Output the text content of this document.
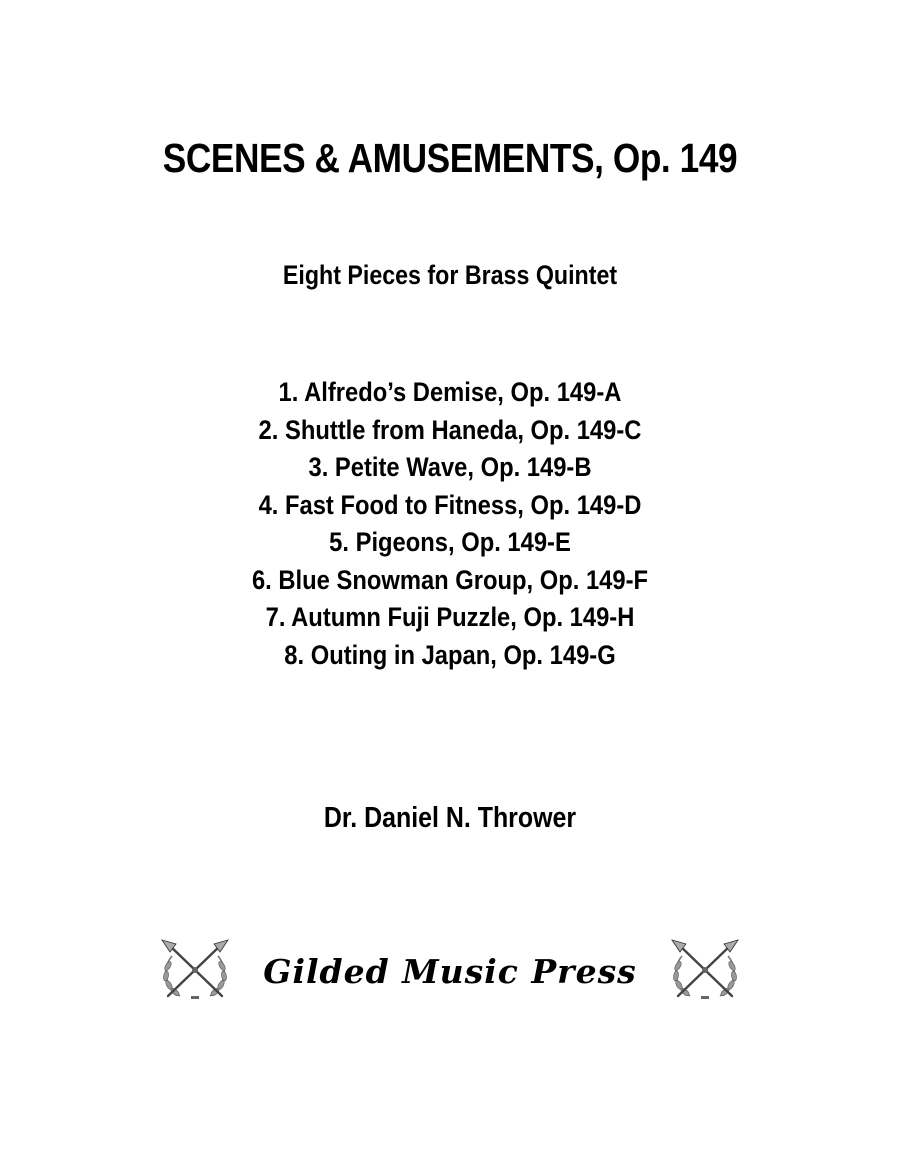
SCENES & AMUSEMENTS, Op. 149
Eight Pieces for Brass Quintet
1. Alfredo’s Demise, Op. 149-A
2. Shuttle from Haneda, Op. 149-C
3. Petite Wave, Op. 149-B
4. Fast Food to Fitness, Op. 149-D
5. Pigeons, Op. 149-E
6. Blue Snowman Group, Op. 149-F
7. Autumn Fuji Puzzle, Op. 149-H
8. Outing in Japan, Op. 149-G
Dr. Daniel N. Thrower
Gilded Music Press
